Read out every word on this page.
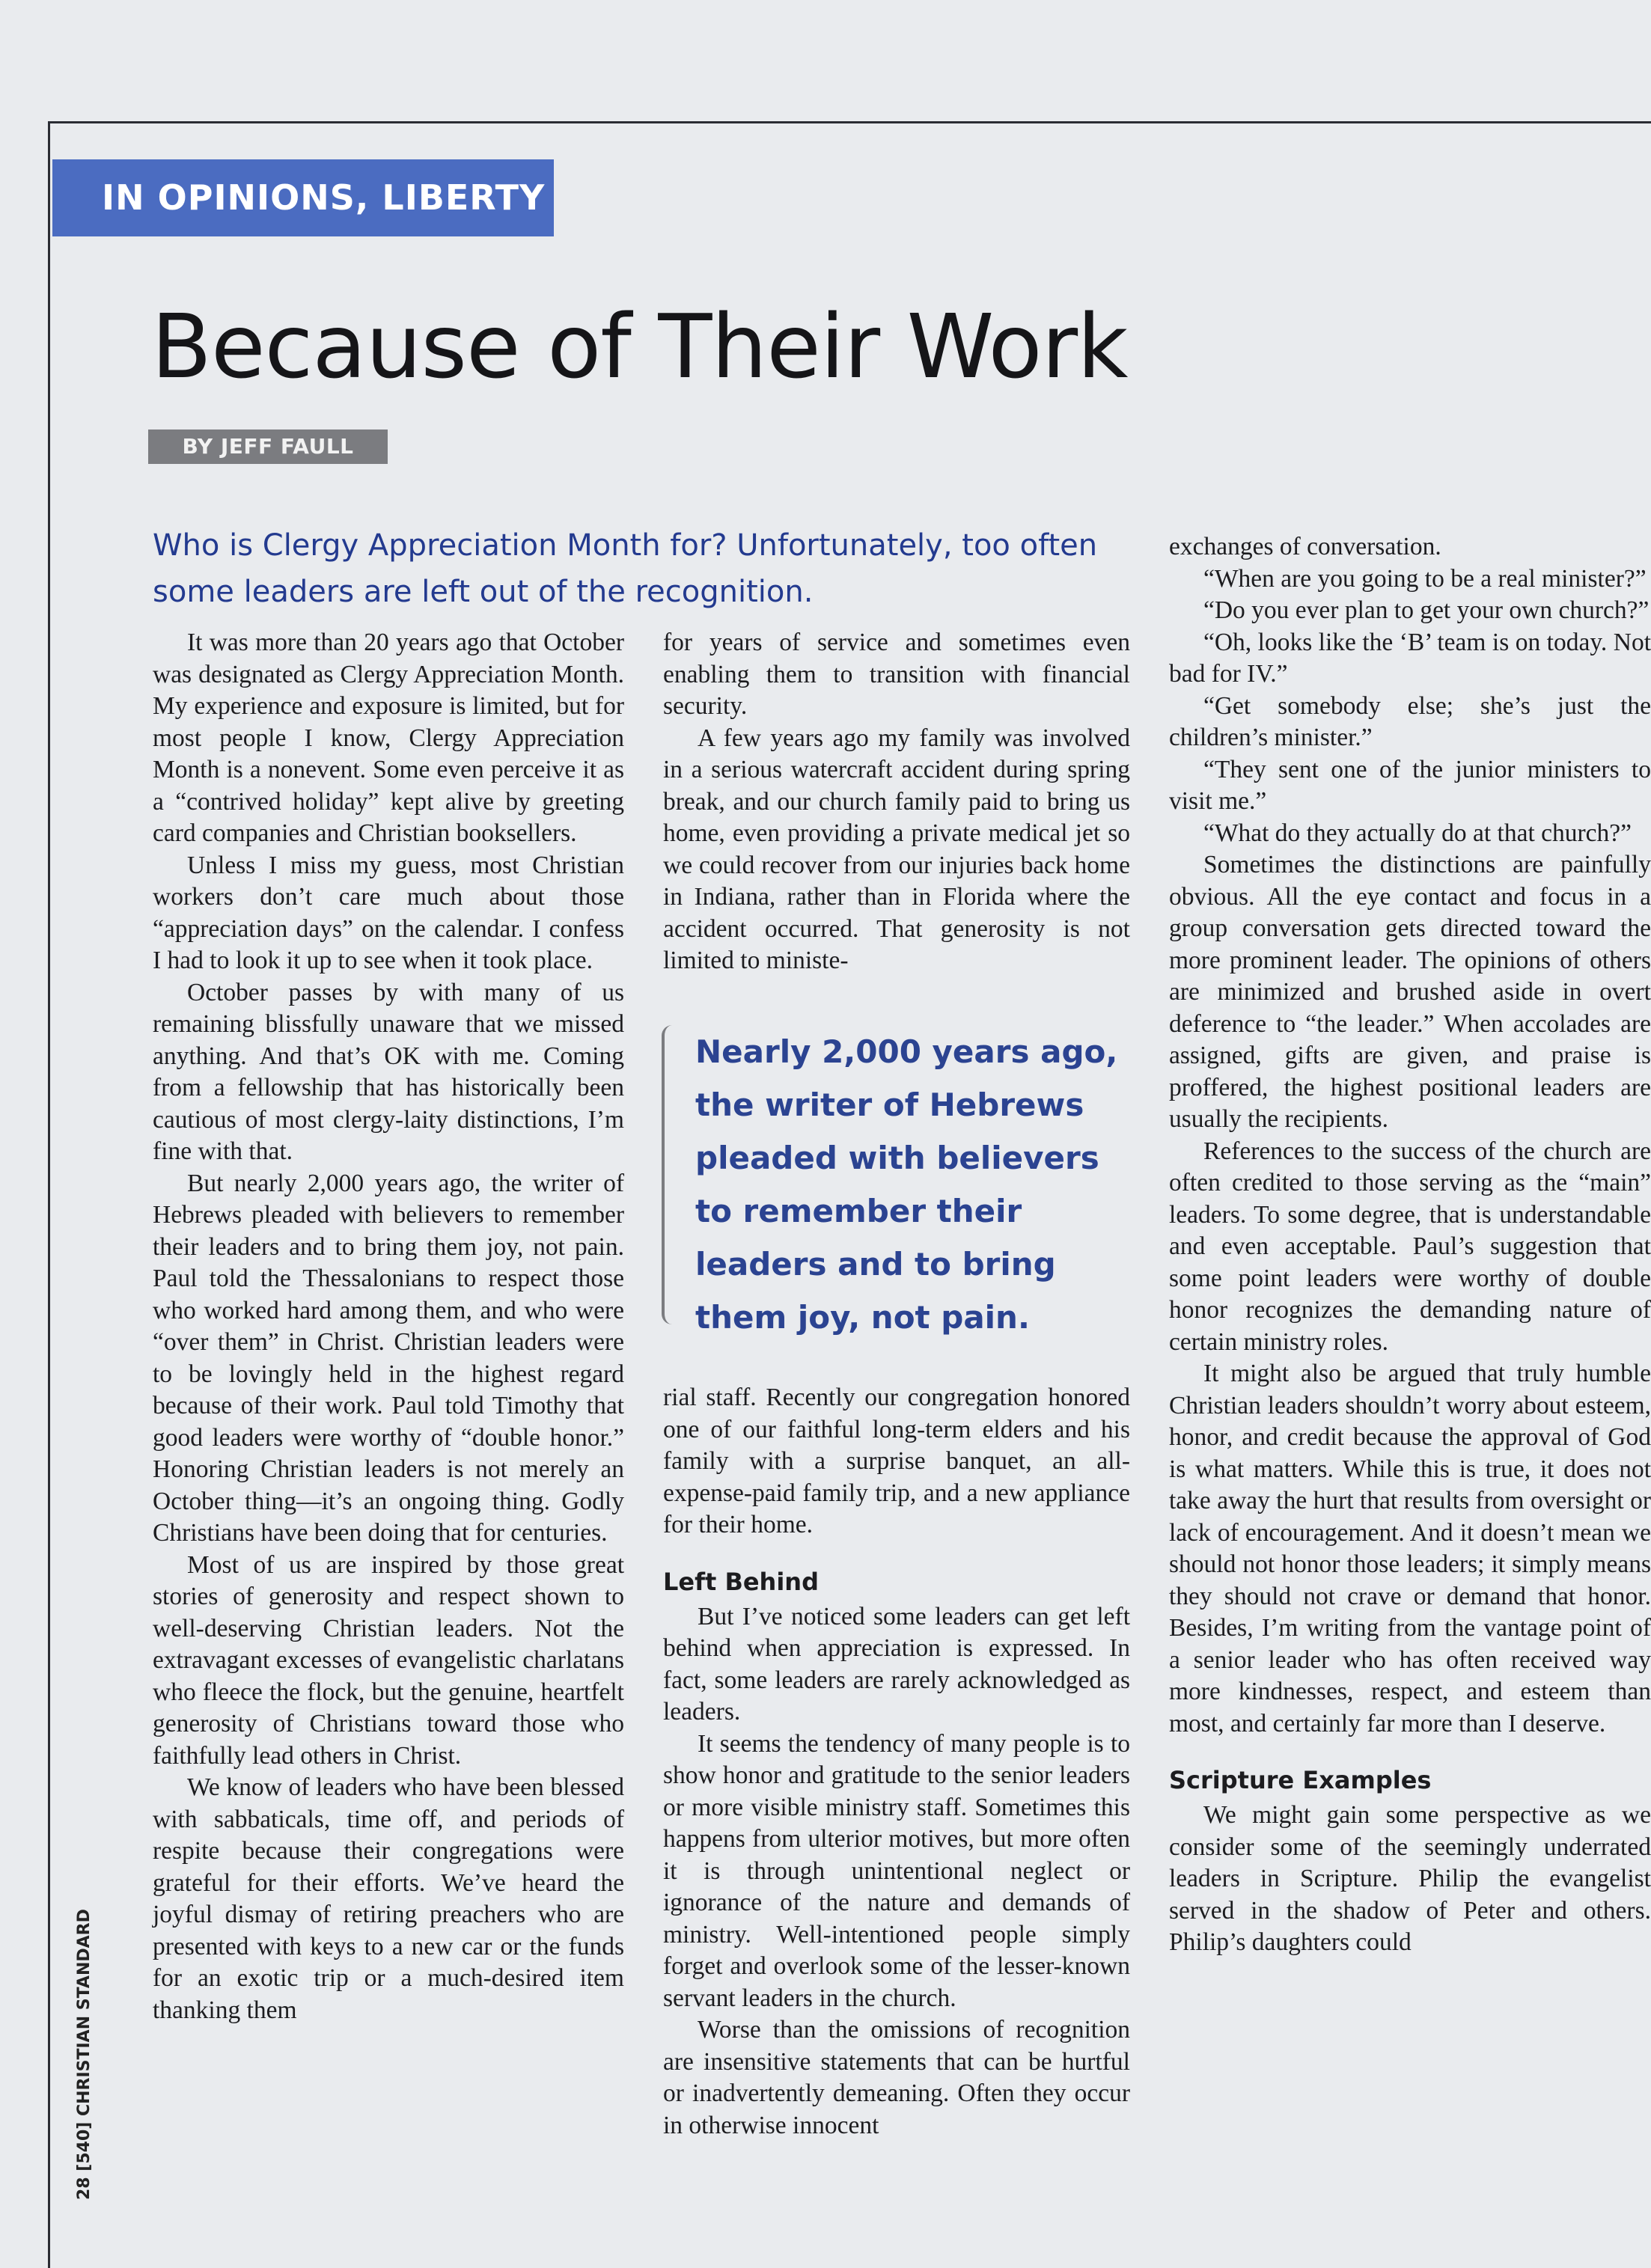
IN OPINIONS, LIBERTY
Because of Their Work
BY JEFF FAULL

Who is Clergy Appreciation Month for? Unfortunately, too often some leaders are left out of the recognition.

It was more than 20 years ago that October was designated as Clergy Appreciation Month. My experience and exposure is limited, but for most people I know, Clergy Appreciation Month is a nonevent. Some even perceive it as a “contrived holiday” kept alive by greeting card companies and Christian booksellers.

Unless I miss my guess, most Christian workers don’t care much about those “appreciation days” on the calendar. I confess I had to look it up to see when it took place.

October passes by with many of us remaining blissfully unaware that we missed anything. And that’s OK with me. Coming from a fellowship that has historically been cautious of most clergy-laity distinctions, I’m fine with that.

But nearly 2,000 years ago, the writer of Hebrews pleaded with believers to remember their leaders and to bring them joy, not pain. Paul told the Thessalonians to respect those who worked hard among them, and who were “over them” in Christ. Christian leaders were to be lovingly held in the highest regard because of their work. Paul told Timothy that good leaders were worthy of “double honor.” Honoring Christian leaders is not merely an October thing—it’s an ongoing thing. Godly Christians have been doing that for centuries.

Most of us are inspired by those great stories of generosity and respect shown to well-deserving Christian leaders. Not the extravagant excesses of evangelistic charlatans who fleece the flock, but the genuine, heartfelt generosity of Christians toward those who faithfully lead others in Christ.

We know of leaders who have been blessed with sabbaticals, time off, and periods of respite because their congregations were grateful for their efforts. We’ve heard the joyful dismay of retiring preachers who are presented with keys to a new car or the funds for an exotic trip or a much-desired item thanking them

for years of service and sometimes even enabling them to transition with financial security.

A few years ago my family was involved in a serious watercraft accident during spring break, and our church family paid to bring us home, even providing a private medical jet so we could recover from our injuries back home in Indiana, rather than in Florida where the accident occurred. That generosity is not limited to ministe-

Nearly 2,000 years ago, the writer of Hebrews pleaded with believers to remember their leaders and to bring them joy, not pain.

rial staff. Recently our congregation honored one of our faithful long-term elders and his family with a surprise banquet, an all-expense-paid family trip, and a new appliance for their home.

Left Behind

But I’ve noticed some leaders can get left behind when appreciation is expressed. In fact, some leaders are rarely acknowledged as leaders.

It seems the tendency of many people is to show honor and gratitude to the senior leaders or more visible ministry staff. Sometimes this happens from ulterior motives, but more often it is through unintentional neglect or ignorance of the nature and demands of ministry. Well-intentioned people simply forget and overlook some of the lesser-known servant leaders in the church.

Worse than the omissions of recognition are insensitive statements that can be hurtful or inadvertently demeaning. Often they occur in otherwise innocent

exchanges of conversation.

“When are you going to be a real minister?”

“Do you ever plan to get your own church?”

“Oh, looks like the ‘B’ team is on today. Not bad for IV.”

“Get somebody else; she’s just the children’s minister.”

“They sent one of the junior ministers to visit me.”

“What do they actually do at that church?”

Sometimes the distinctions are painfully obvious. All the eye contact and focus in a group conversation gets directed toward the more prominent leader. The opinions of others are minimized and brushed aside in overt deference to “the leader.” When accolades are assigned, gifts are given, and praise is proffered, the highest positional leaders are usually the recipients.

References to the success of the church are often credited to those serving as the “main” leaders. To some degree, that is understandable and even acceptable. Paul’s suggestion that some point leaders were worthy of double honor recognizes the demanding nature of certain ministry roles.

It might also be argued that truly humble Christian leaders shouldn’t worry about esteem, honor, and credit because the approval of God is what matters. While this is true, it does not take away the hurt that results from oversight or lack of encouragement. And it doesn’t mean we should not honor those leaders; it simply means they should not crave or demand that honor. Besides, I’m writing from the vantage point of a senior leader who has often received way more kindnesses, respect, and esteem than most, and certainly far more than I deserve.

Scripture Examples

We might gain some perspective as we consider some of the seemingly underrated leaders in Scripture. Philip the evangelist served in the shadow of Peter and others. Philip’s daughters could

28 [540] CHRISTIAN STANDARD
